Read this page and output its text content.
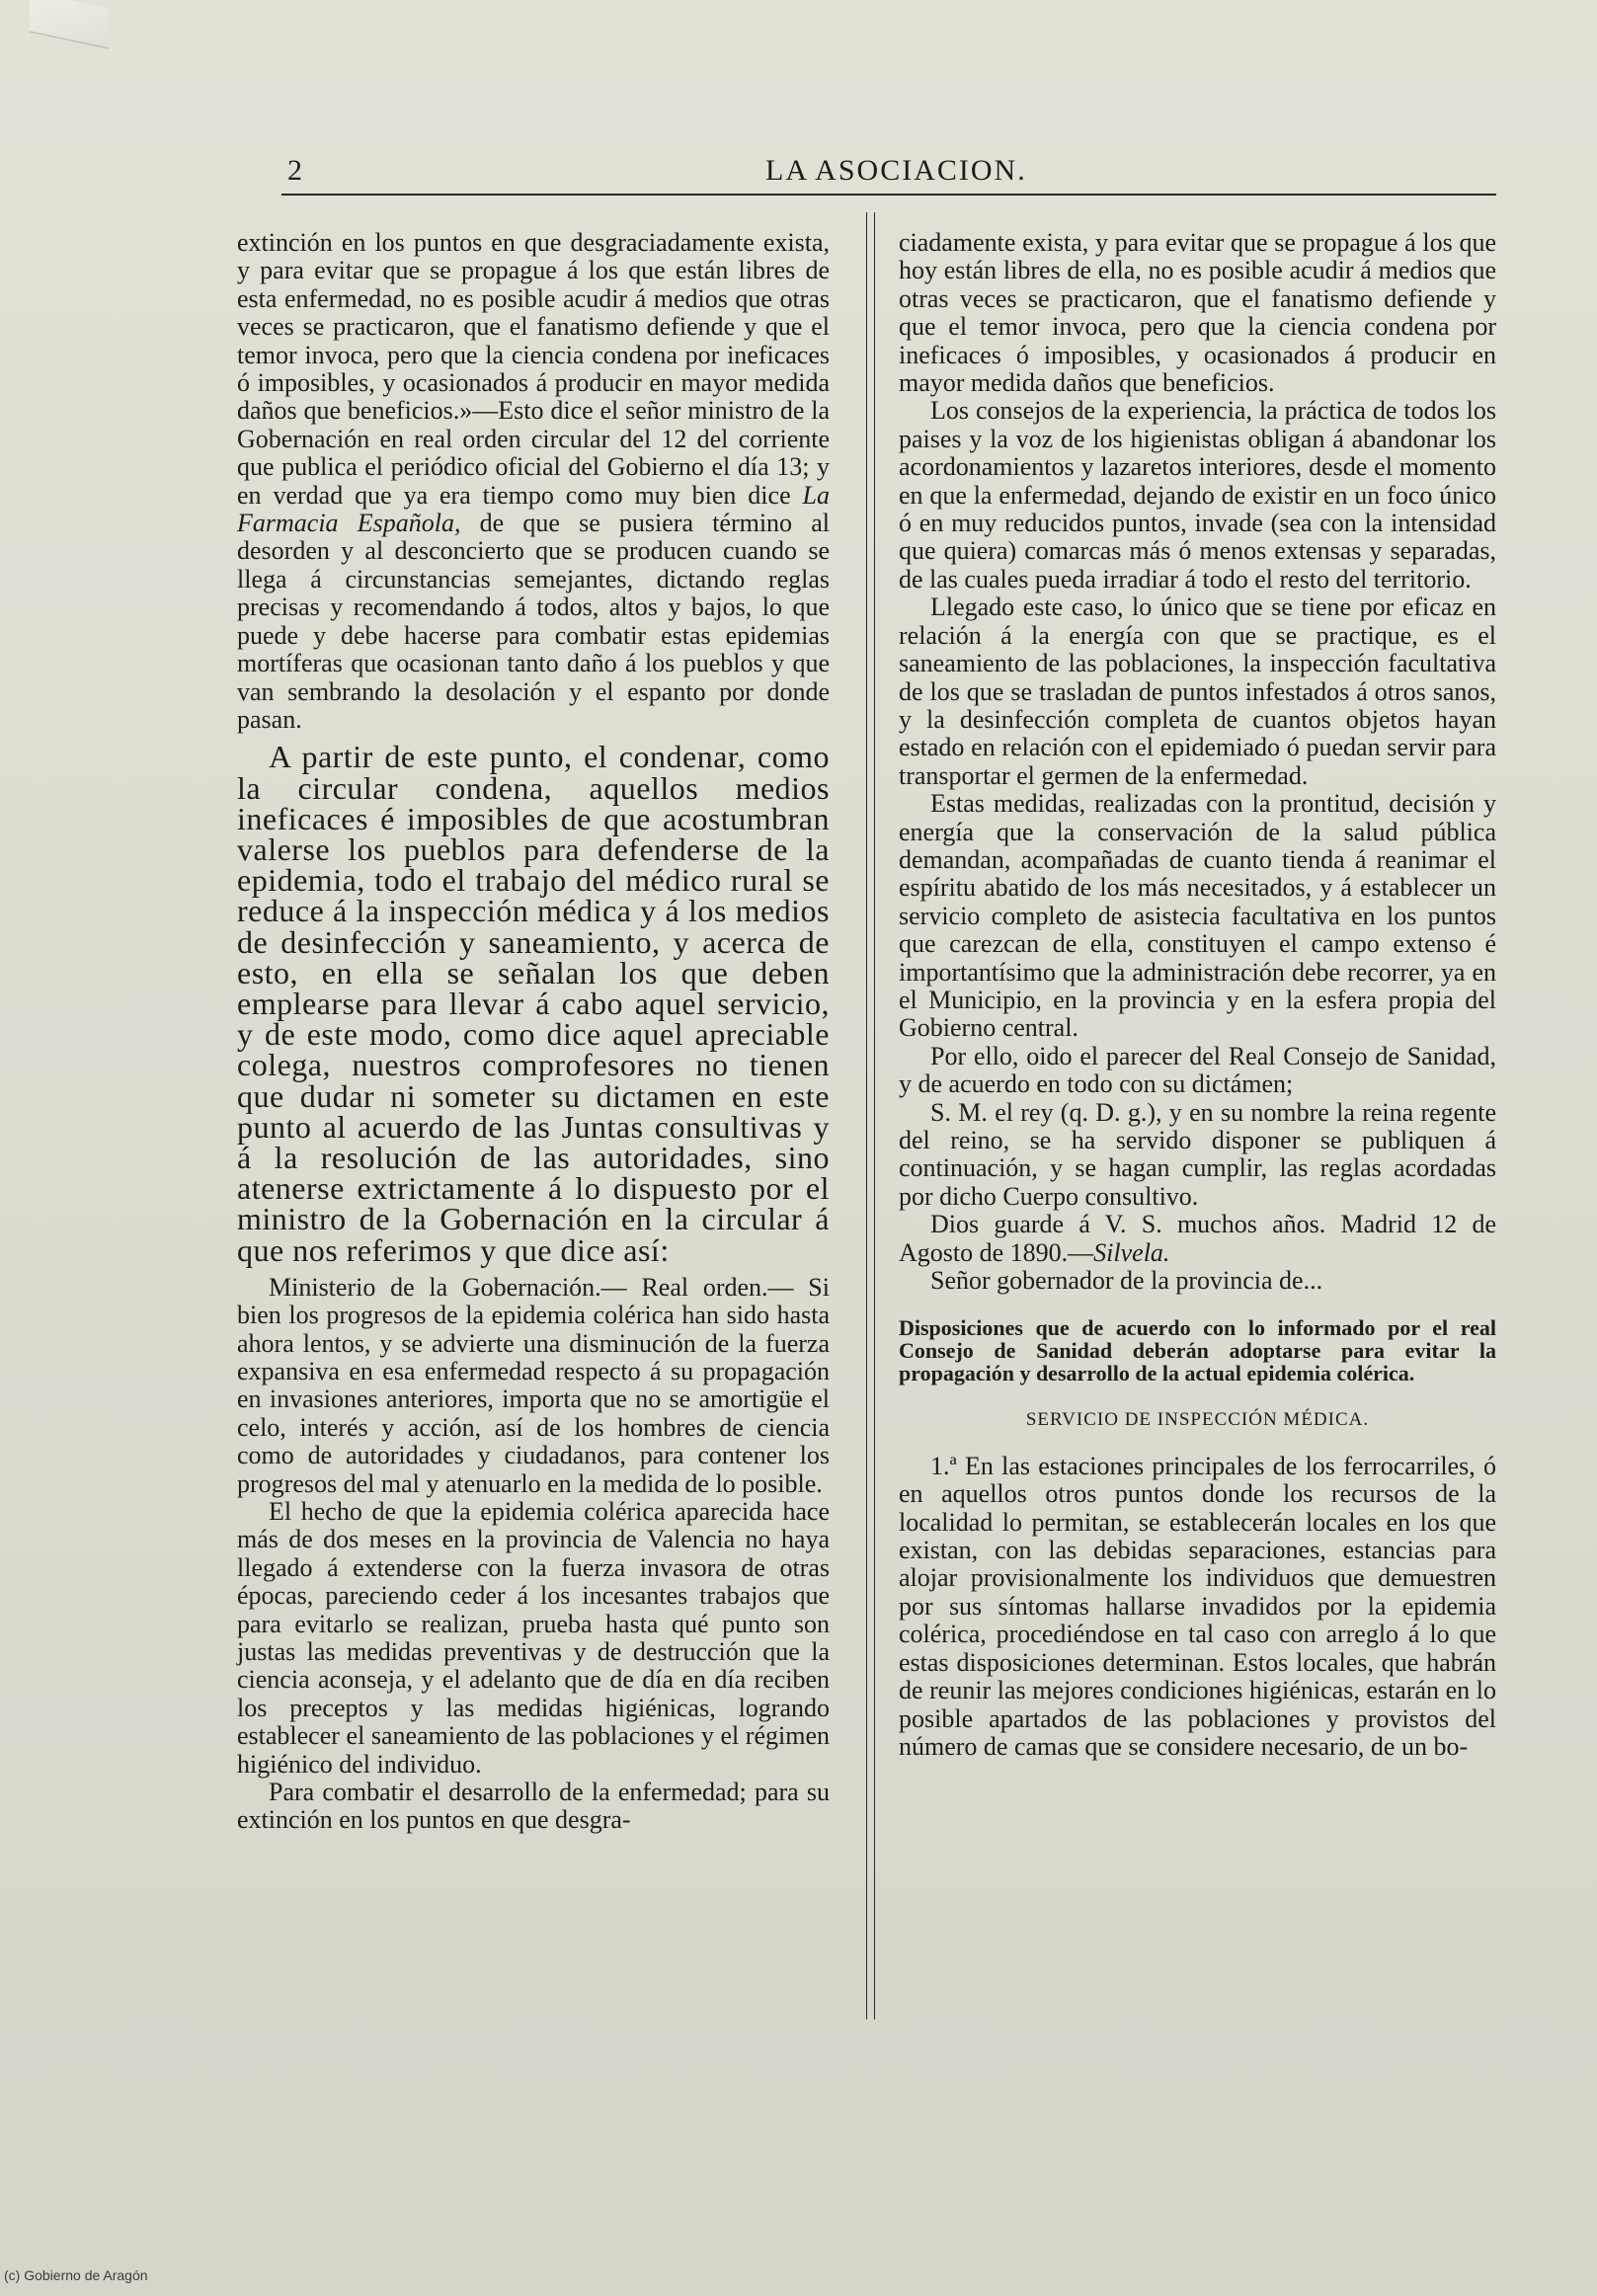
2	LA ASOCIACION.

extinción en los puntos en que desgraciadamente exista, y para evitar que se propague á los que están libres de esta enfermedad, no es posible acudir á medios que otras veces se practicaron, que el fanatismo defiende y que el temor invoca, pero que la ciencia condena por ineficaces ó imposibles, y ocasionados á producir en mayor medida daños que beneficios.»—Esto dice el señor ministro de la Gobernación en real orden circular del 12 del corriente que publica el periódico oficial del Gobierno el día 13; y en verdad que ya era tiempo como muy bien dice La Farmacia Española, de que se pusiera término al desorden y al desconcierto que se producen cuando se llega á circunstancias semejantes, dictando reglas precisas y recomendando á todos, altos y bajos, lo que puede y debe hacerse para combatir estas epidemias mortíferas que ocasionan tanto daño á los pueblos y que van sembrando la desolación y el espanto por donde pasan.

A partir de este punto, el condenar, como la circular condena, aquellos medios ineficaces é imposibles de que acostumbran valerse los pueblos para defenderse de la epidemia, todo el trabajo del médico rural se reduce á la inspección médica y á los medios de desinfección y saneamiento, y acerca de esto, en ella se señalan los que deben emplearse para llevar á cabo aquel servicio, y de este modo, como dice aquel apreciable colega, nuestros comprofesores no tienen que dudar ni someter su dictamen en este punto al acuerdo de las Juntas consultivas y á la resolución de las autoridades, sino atenerse extrictamente á lo dispuesto por el ministro de la Gobernación en la circular á que nos referimos y que dice así:

Ministerio de la Gobernación.— Real orden.— Si bien los progresos de la epidemia colérica han sido hasta ahora lentos, y se advierte una disminución de la fuerza expansiva en esa enfermedad respecto á su propagación en invasiones anteriores, importa que no se amortigüe el celo, interés y acción, así de los hombres de ciencia como de autoridades y ciudadanos, para contener los progresos del mal y atenuarlo en la medida de lo posible.

El hecho de que la epidemia colérica aparecida hace más de dos meses en la provincia de Valencia no haya llegado á extenderse con la fuerza invasora de otras épocas, pareciendo ceder á los incesantes trabajos que para evitarlo se realizan, prueba hasta qué punto son justas las medidas preventivas y de destrucción que la ciencia aconseja, y el adelanto que de día en día reciben los preceptos y las medidas higiénicas, logrando establecer el saneamiento de las poblaciones y el régimen higiénico del individuo.

Para combatir el desarrollo de la enfermedad; para su extinción en los puntos en que desgra-

ciadamente exista, y para evitar que se propague á los que hoy están libres de ella, no es posible acudir á medios que otras veces se practicaron, que el fanatismo defiende y que el temor invoca, pero que la ciencia condena por ineficaces ó imposibles, y ocasionados á producir en mayor medida daños que beneficios.

Los consejos de la experiencia, la práctica de todos los paises y la voz de los higienistas obligan á abandonar los acordonamientos y lazaretos interiores, desde el momento en que la enfermedad, dejando de existir en un foco único ó en muy reducidos puntos, invade (sea con la intensidad que quiera) comarcas más ó menos extensas y separadas, de las cuales pueda irradiar á todo el resto del territorio.

Llegado este caso, lo único que se tiene por eficaz en relación á la energía con que se practique, es el saneamiento de las poblaciones, la inspección facultativa de los que se trasladan de puntos infestados á otros sanos, y la desinfección completa de cuantos objetos hayan estado en relación con el epidemiado ó puedan servir para transportar el germen de la enfermedad.

Estas medidas, realizadas con la prontitud, decisión y energía que la conservación de la salud pública demandan, acompañadas de cuanto tienda á reanimar el espíritu abatido de los más necesitados, y á establecer un servicio completo de asistecia facultativa en los puntos que carezcan de ella, constituyen el campo extenso é importantísimo que la administración debe recorrer, ya en el Municipio, en la provincia y en la esfera propia del Gobierno central.

Por ello, oido el parecer del Real Consejo de Sanidad, y de acuerdo en todo con su dictámen;

S. M. el rey (q. D. g.), y en su nombre la reina regente del reino, se ha servido disponer se publiquen á continuación, y se hagan cumplir, las reglas acordadas por dicho Cuerpo consultivo.

Dios guarde á V. S. muchos años. Madrid 12 de Agosto de 1890.—Silvela.

Señor gobernador de la provincia de...

Disposiciones que de acuerdo con lo informado por el real Consejo de Sanidad deberán adoptarse para evitar la propagación y desarrollo de la actual epidemia colérica.

SERVICIO DE INSPECCIÓN MÉDICA.

1.ª En las estaciones principales de los ferrocarriles, ó en aquellos otros puntos donde los recursos de la localidad lo permitan, se establecerán locales en los que existan, con las debidas separaciones, estancias para alojar provisionalmente los individuos que demuestren por sus síntomas hallarse invadidos por la epidemia colérica, procediéndose en tal caso con arreglo á lo que estas disposiciones determinan. Estos locales, que habrán de reunir las mejores condiciones higiénicas, estarán en lo posible apartados de las poblaciones y provistos del número de camas que se considere necesario, de un bo-

(c) Gobierno de Aragón
